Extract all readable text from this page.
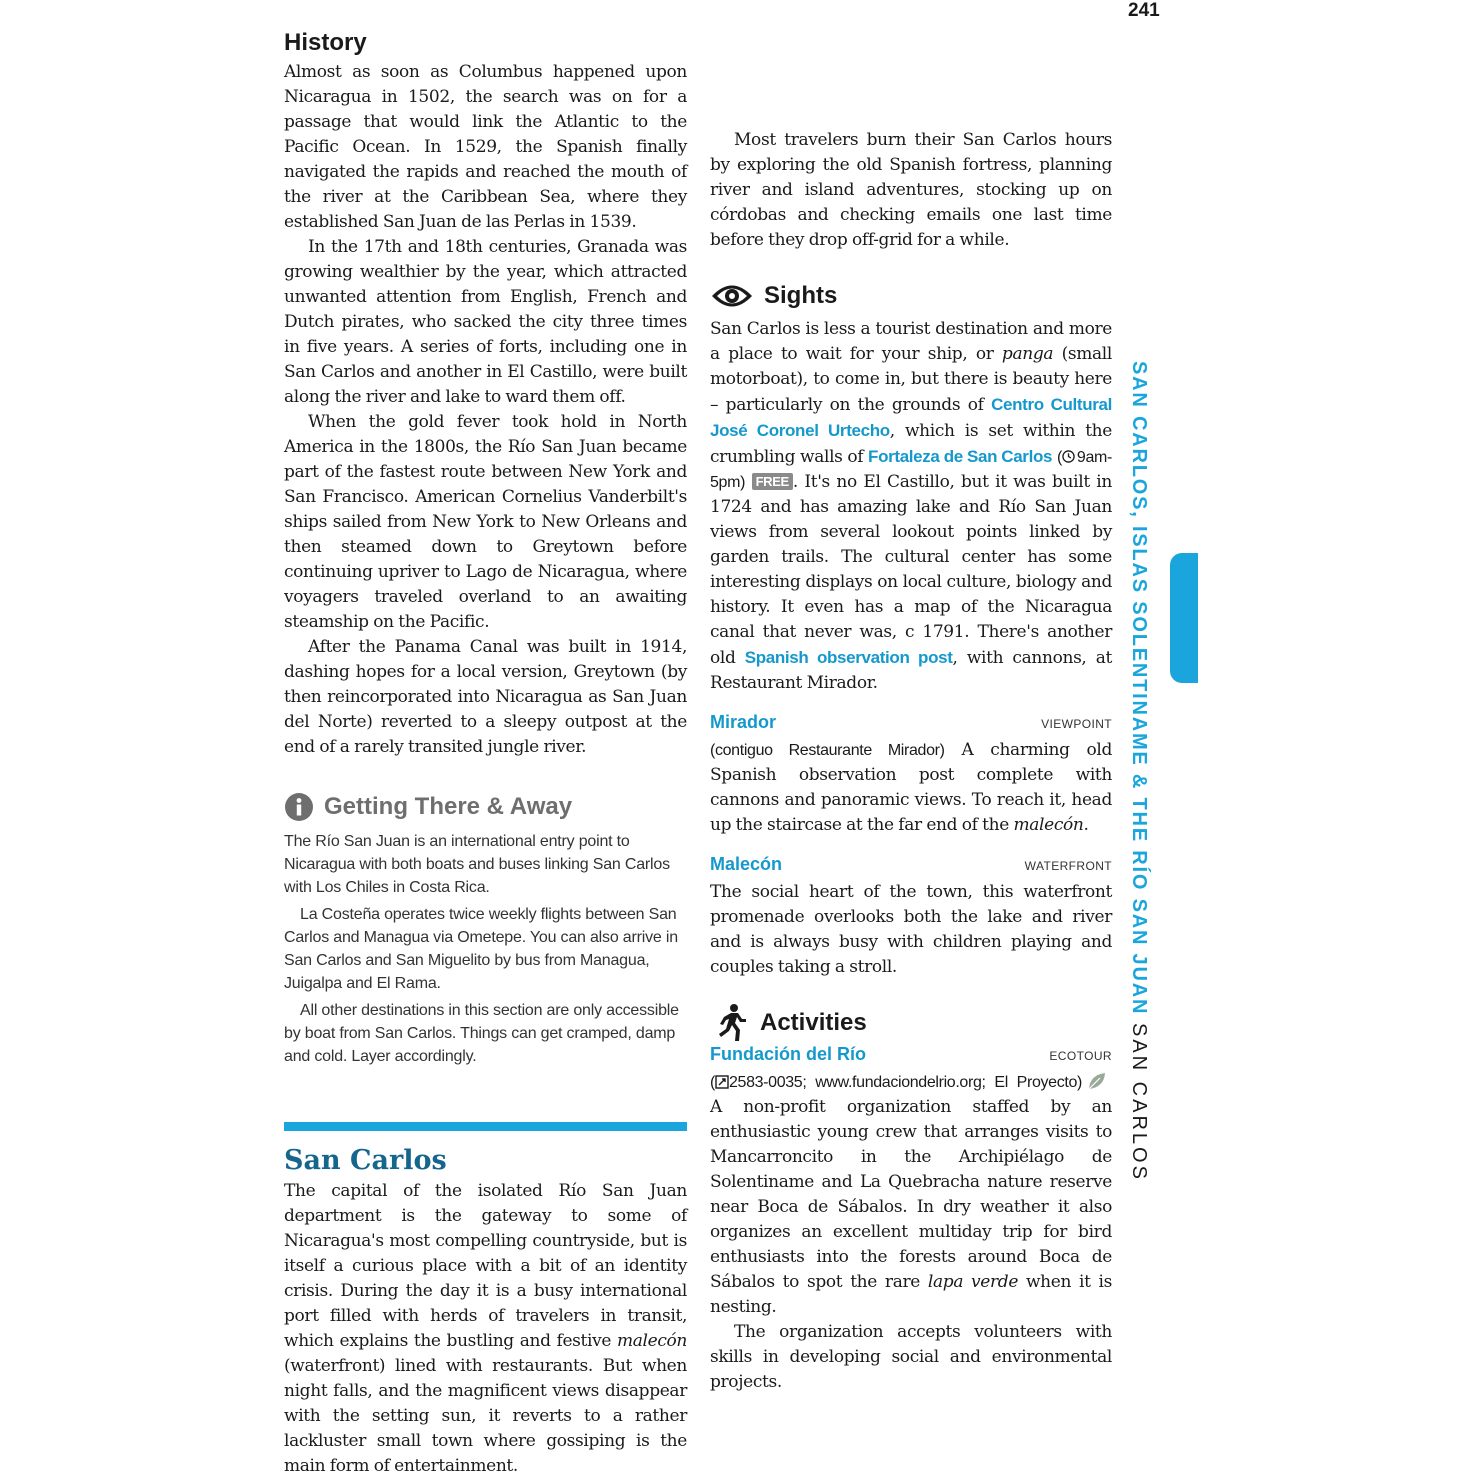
241
History

Almost as soon as Columbus happened upon Nicaragua in 1502, the search was on for a passage that would link the Atlantic to the Pacific Ocean. In 1529, the Spanish finally navigated the rapids and reached the mouth of the river at the Caribbean Sea, where they established San Juan de las Perlas in 1539.

In the 17th and 18th centuries, Granada was growing wealthier by the year, which attracted unwanted attention from English, French and Dutch pirates, who sacked the city three times in five years. A series of forts, including one in San Carlos and another in El Castillo, were built along the river and lake to ward them off.

When the gold fever took hold in North America in the 1800s, the Río San Juan became part of the fastest route between New York and San Francisco. American Cornelius Vanderbilt's ships sailed from New York to New Orleans and then steamed down to Greytown before continuing upriver to Lago de Nicaragua, where voyagers traveled overland to an awaiting steamship on the Pacific.

After the Panama Canal was built in 1914, dashing hopes for a local version, Greytown (by then reincorporated into Nicaragua as San Juan del Norte) reverted to a sleepy outpost at the end of a rarely transited jungle river.

Getting There & Away

The Río San Juan is an international entry point to Nicaragua with both boats and buses linking San Carlos with Los Chiles in Costa Rica.

La Costeña operates twice weekly flights between San Carlos and Managua via Ometepe. You can also arrive in San Carlos and San Miguelito by bus from Managua, Juigalpa and El Rama.

All other destinations in this section are only accessible by boat from San Carlos. Things can get cramped, damp and cold. Layer accordingly.

San Carlos

The capital of the isolated Río San Juan department is the gateway to some of Nicaragua's most compelling countryside, but is itself a curious place with a bit of an identity crisis. During the day it is a busy international port filled with herds of travelers in transit, which explains the bustling and festive malecón (waterfront) lined with restaurants. But when night falls, and the magnificent views disappear with the setting sun, it reverts to a rather lackluster small town where gossiping is the main form of entertainment.

Most travelers burn their San Carlos hours by exploring the old Spanish fortress, planning river and island adventures, stocking up on córdobas and checking emails one last time before they drop off-grid for a while.

Sights

San Carlos is less a tourist destination and more a place to wait for your ship, or panga (small motorboat), to come in, but there is beauty here – particularly on the grounds of Centro Cultural José Coronel Urtecho, which is set within the crumbling walls of Fortaleza de San Carlos ( 9am-5pm) FREE . It's no El Castillo, but it was built in 1724 and has amazing lake and Río San Juan views from several lookout points linked by garden trails. The cultural center has some interesting displays on local culture, biology and history. It even has a map of the Nicaragua canal that never was, c 1791. There's another old Spanish observation post, with cannons, at Restaurant Mirador.

Mirador	VIEWPOINT

(contiguo Restaurante Mirador) A charming old Spanish observation post complete with cannons and panoramic views. To reach it, head up the staircase at the far end of the malecón.

Malecón	WATERFRONT

The social heart of the town, this waterfront promenade overlooks both the lake and river and is always busy with children playing and couples taking a stroll.

Activities
Fundación del Río	ECOTOUR

( 2583-0035; www.fundaciondelrio.org; El Proyecto) A non-profit organization staffed by an enthusiastic young crew that arranges visits to Mancarroncito in the Archipiélago de Solentiname and La Quebracha nature reserve near Boca de Sábalos. In dry weather it also organizes an excellent multiday trip for bird enthusiasts into the forests around Boca de Sábalos to spot the rare lapa verde when it is nesting.

The organization accepts volunteers with skills in developing social and environmental projects.

SAN CARLOS, ISLAS SOLENTINAME & THE RÍO SAN JUANSAN CARLOS
